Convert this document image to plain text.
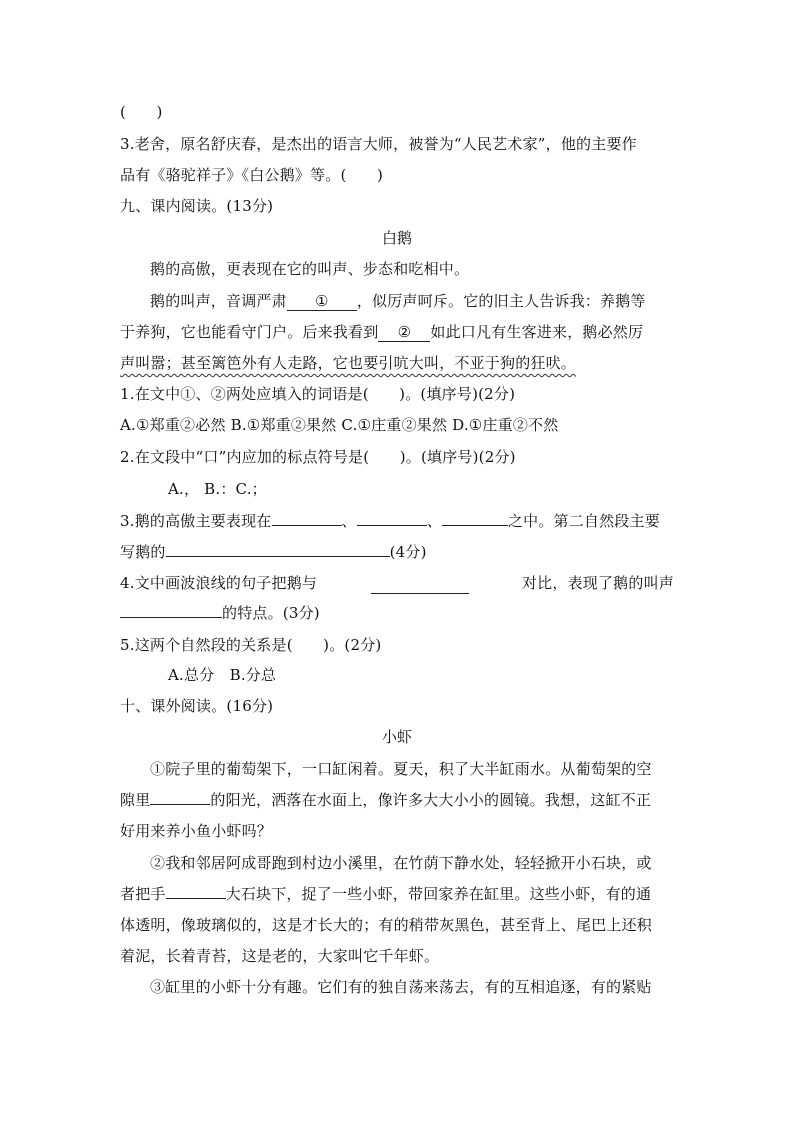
(　　)
3.老舍，原名舒庆春，是杰出的语言大师，被誉为“人民艺术家”，他的主要作
品有《骆驼祥子》《白公鹅》等。(　　)
九、课内阅读。(13分)
白鹅
鹅的高傲，更表现在它的叫声、步态和吃相中。
鹅的叫声，音调严肃 ① ，似厉声呵斥。它的旧主人告诉我：养鹅等
于养狗，它也能看守门户。后来我看到 ② 如此口凡有生客进来，鹅必然厉
声叫嚣；甚至篱笆外有人走路，它也要引吭大叫，不亚于狗的狂吠。
1.在文中①、②两处应填入的词语是(　　)。(填序号)(2分)
A.①郑重②必然 B.①郑重②果然 C.①庄重②果然 D.①庄重②不然
2.在文段中“口”内应加的标点符号是(　　)。(填序号)(2分)
A.， B.：C.；
3.鹅的高傲主要表现在	、	、	之中。第二自然段主要
写鹅的	(4分)
4.文中画波浪线的句子把鹅与	对比，表现了鹅的叫声
的特点。(3分)
5.这两个自然段的关系是(　　)。(2分)
A.总分　B.分总
十、课外阅读。(16分)
小虾
①院子里的葡萄架下，一口缸闲着。夏天，积了大半缸雨水。从葡萄架的空
隙里	的阳光，洒落在水面上，像许多大大小小的圆镜。我想，这缸不正
好用来养小鱼小虾吗？
②我和邻居阿成哥跑到村边小溪里，在竹荫下静水处，轻轻掀开小石块，或
者把手	大石块下，捉了一些小虾，带回家养在缸里。这些小虾，有的通
体透明，像玻璃似的，这是才长大的；有的稍带灰黑色，甚至背上、尾巴上还积
着泥，长着青苔，这是老的，大家叫它千年虾。
③缸里的小虾十分有趣。它们有的独自荡来荡去，有的互相追逐，有的紧贴
